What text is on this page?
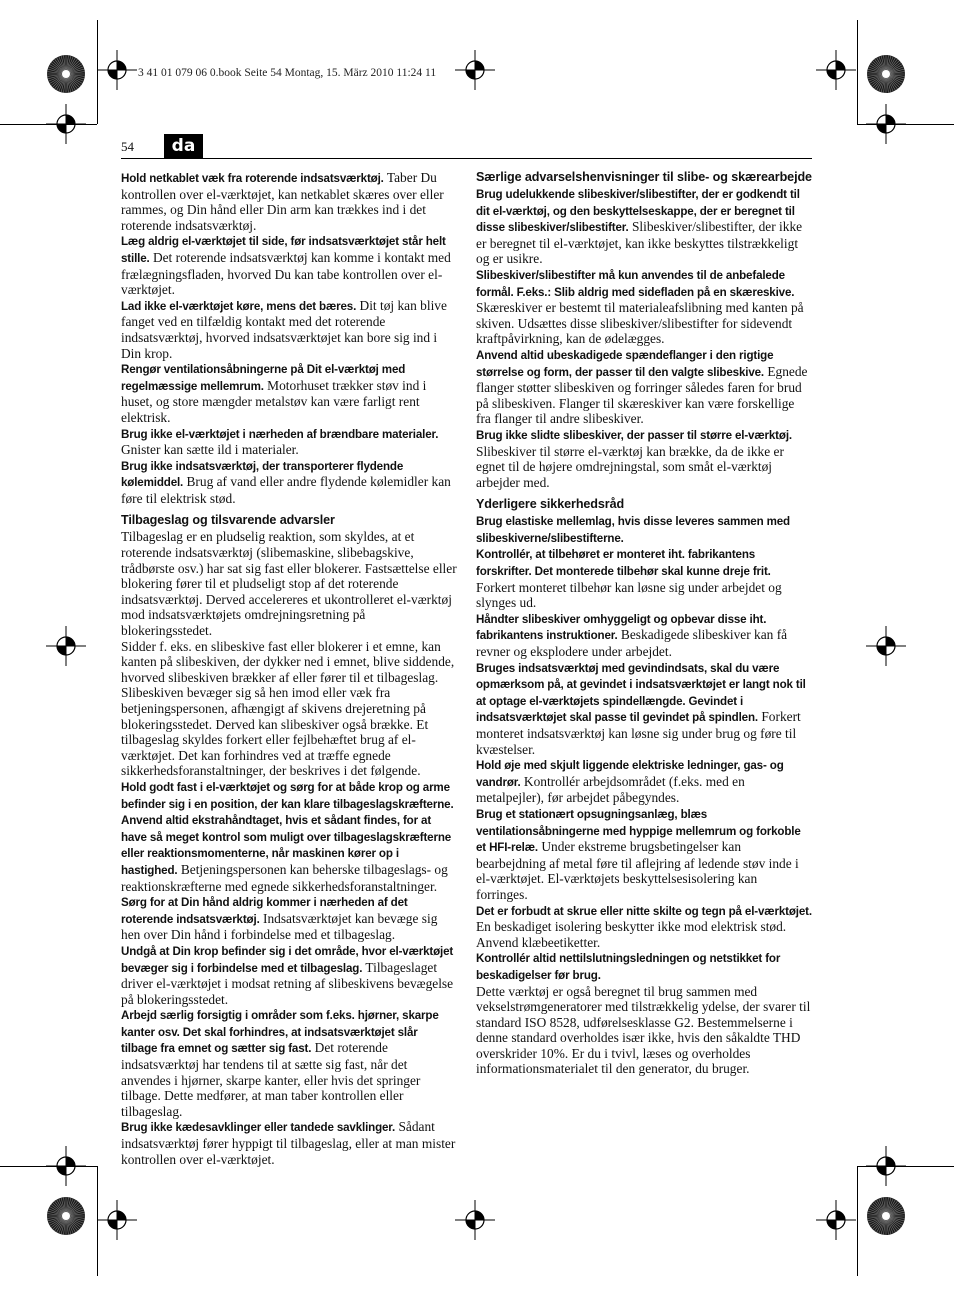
3 41 01 079 06 0.book Seite 54 Montag, 15. März 2010 11:24 11
54	da

Hold netkablet væk fra roterende indsatsværktøj. Taber Du kontrollen over el-værktøjet, kan netkablet skæres over eller rammes, og Din hånd eller Din arm kan trækkes ind i det roterende indsatsværktøj.

Læg aldrig el-værktøjet til side, før indsatsværktøjet står helt stille. Det roterende indsatsværktøj kan komme i kontakt med frælægningsfladen, hvorved Du kan tabe kontrollen over el-værktøjet.

Lad ikke el-værktøjet køre, mens det bæres. Dit tøj kan blive fanget ved en tilfældig kontakt med det roterende indsatsværktøj, hvorved indsatsværktøjet kan bore sig ind i Din krop.

Rengør ventilationsåbningerne på Dit el-værktøj med regelmæssige mellemrum. Motorhuset trækker støv ind i huset, og store mængder metalstøv kan være farligt rent elektrisk.

Brug ikke el-værktøjet i nærheden af brændbare materialer. Gnister kan sætte ild i materialer.

Brug ikke indsatsværktøj, der transporterer flydende kølemiddel. Brug af vand eller andre flydende kølemidler kan føre til elektrisk stød.

Tilbageslag og tilsvarende advarsler

Tilbageslag er en pludselig reaktion, som skyldes, at et roterende indsatsværktøj (slibemaskine, slibebagskive, trådbørste osv.) har sat sig fast eller blokerer. Fastsættelse eller blokering fører til et pludseligt stop af det roterende indsatsværktøj. Derved accelereres et ukontrolleret el-værktøj mod indsatsværktøjets omdrejningsretning på blokeringsstedet.

Sidder f. eks. en slibeskive fast eller blokerer i et emne, kan kanten på slibeskiven, der dykker ned i emnet, blive siddende, hvorved slibeskiven brækker af eller fører til et tilbageslag. Slibeskiven bevæger sig så hen imod eller væk fra betjeningspersonen, afhængigt af skivens drejeretning på blokeringsstedet. Derved kan slibeskiver også brække. Et tilbageslag skyldes forkert eller fejlbehæftet brug af el-værktøjet. Det kan forhindres ved at træffe egnede sikkerhedsforanstaltninger, der beskrives i det følgende.

Hold godt fast i el-værktøjet og sørg for at både krop og arme befinder sig i en position, der kan klare tilbageslagskræfterne. Anvend altid ekstrahåndtaget, hvis et sådant findes, for at have så meget kontrol som muligt over tilbageslagskræfterne eller reaktionsmomenterne, når maskinen kører op i hastighed. Betjeningspersonen kan beherske tilbageslags- og reaktionskræfterne med egnede sikkerhedsforanstaltninger.

Sørg for at Din hånd aldrig kommer i nærheden af det roterende indsatsværktøj. Indsatsværktøjet kan bevæge sig hen over Din hånd i forbindelse med et tilbageslag.

Undgå at Din krop befinder sig i det område, hvor el-værktøjet bevæger sig i forbindelse med et tilbageslag. Tilbageslaget driver el-værktøjet i modsat retning af slibeskivens bevægelse på blokeringsstedet.

Arbejd særlig forsigtig i områder som f.eks. hjørner, skarpe kanter osv. Det skal forhindres, at indsatsværktøjet slår tilbage fra emnet og sætter sig fast. Det roterende indsatsværktøj har tendens til at sætte sig fast, når det anvendes i hjørner, skarpe kanter, eller hvis det springer tilbage. Dette medfører, at man taber kontrollen eller tilbageslag.

Brug ikke kædesavklinger eller tandede savklinger. Sådant indsatsværktøj fører hyppigt til tilbageslag, eller at man mister kontrollen over el-værktøjet.

Særlige advarselshenvisninger til slibe- og skærearbejde

Brug udelukkende slibeskiver/slibestifter, der er godkendt til dit el-værktøj, og den beskyttelseskappe, der er beregnet til disse slibeskiver/slibestifter. Slibeskiver/slibestifter, der ikke er beregnet til el-værktøjet, kan ikke beskyttes tilstrækkeligt og er usikre.

Slibeskiver/slibestifter må kun anvendes til de anbefalede formål. F.eks.: Slib aldrig med sidefladen på en skæreskive. Skæreskiver er bestemt til materialeafslibning med kanten på skiven. Udsættes disse slibeskiver/slibestifter for sidevendt kraftpåvirkning, kan de ødelægges.

Anvend altid ubeskadigede spændeflanger i den rigtige størrelse og form, der passer til den valgte slibeskive. Egnede flanger støtter slibeskiven og forringer således faren for brud på slibeskiven. Flanger til skæreskiver kan være forskellige fra flanger til andre slibeskiver.

Brug ikke slidte slibeskiver, der passer til større el-værktøj. Slibeskiver til større el-værktøj kan brække, da de ikke er egnet til de højere omdrejningstal, som småt el-værktøj arbejder med.

Yderligere sikkerhedsråd

Brug elastiske mellemlag, hvis disse leveres sammen med slibeskiverne/slibestifterne.

Kontrollér, at tilbehøret er monteret iht. fabrikantens forskrifter. Det monterede tilbehør skal kunne dreje frit. Forkert monteret tilbehør kan løsne sig under arbejdet og slynges ud.

Håndter slibeskiver omhyggeligt og opbevar disse iht. fabrikantens instruktioner. Beskadigede slibeskiver kan få revner og eksplodere under arbejdet.

Bruges indsatsværktøj med gevindindsats, skal du være opmærksom på, at gevindet i indsatsværktøjet er langt nok til at optage el-værktøjets spindellængde. Gevindet i indsatsværktøjet skal passe til gevindet på spindlen. Forkert monteret indsatsværktøj kan løsne sig under brug og føre til kvæstelser.

Hold øje med skjult liggende elektriske ledninger, gas- og vandrør. Kontrollér arbejdsområdet (f.eks. med en metalpejler), før arbejdet påbegyndes.

Brug et stationært opsugningsanlæg, blæs ventilationsåbningerne med hyppige mellemrum og forkoble et HFI-relæ. Under ekstreme brugsbetingelser kan bearbejdning af metal føre til aflejring af ledende støv inde i el-værktøjet. El-værktøjets beskyttelsesisolering kan forringes.

Det er forbudt at skrue eller nitte skilte og tegn på el-værktøjet. En beskadiget isolering beskytter ikke mod elektrisk stød. Anvend klæbeetiketter.

Kontrollér altid nettilslutningsledningen og netstikket for beskadigelser før brug.

Dette værktøj er også beregnet til brug sammen med vekselstrømgeneratorer med tilstrækkelig ydelse, der svarer til standard ISO 8528, udførelsesklasse G2. Bestemmelserne i denne standard overholdes især ikke, hvis den såkaldte THD overskrider 10%. Er du i tvivl, læses og overholdes informationsmaterialet til den generator, du bruger.
